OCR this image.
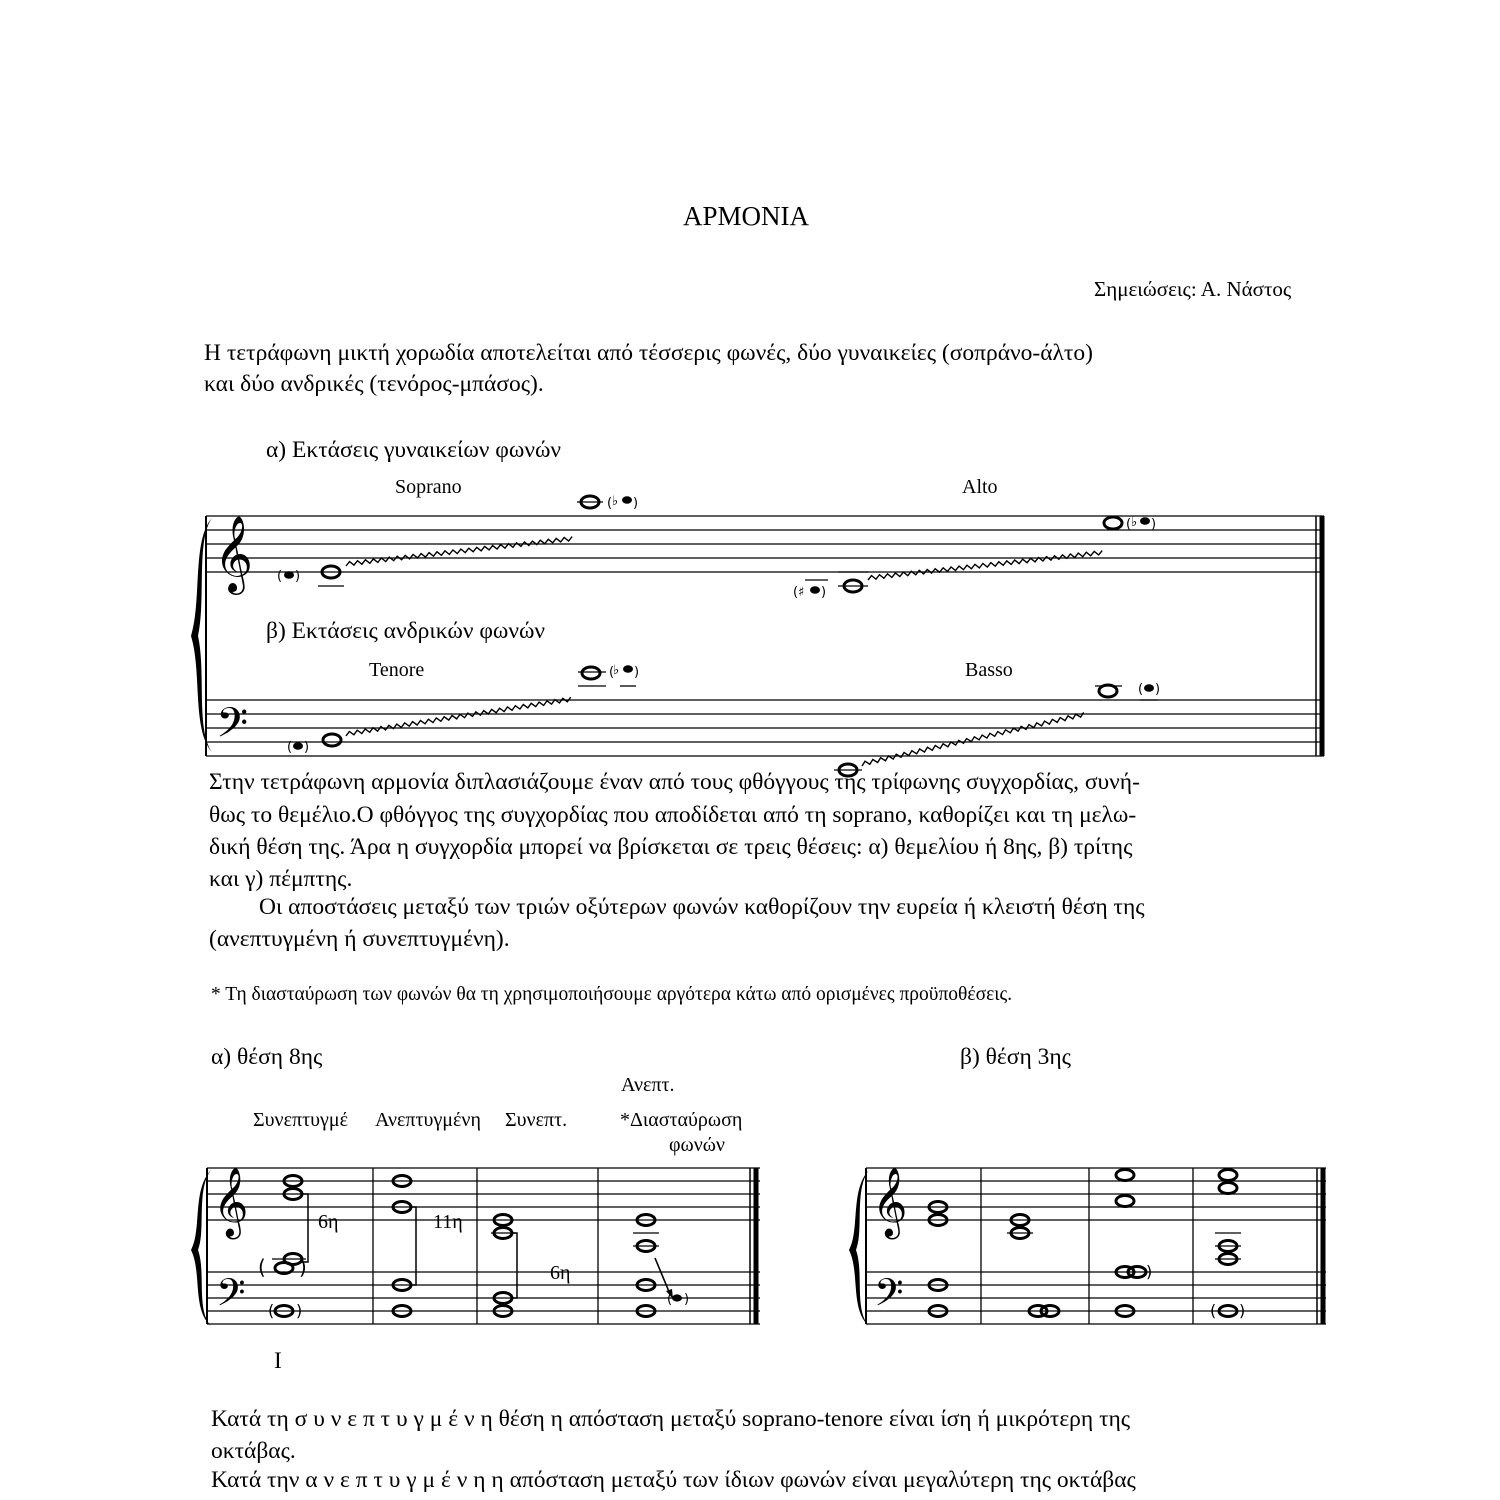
ΑΡΜΟΝΙΑ
Σημειώσεις: Α. Νάστος
Η τετράφωνη μικτή χορωδία αποτελείται από τέσσερις φωνές, δύο γυναικείες (σοπράνο-άλτο)
και δύο ανδρικές (τενόρος-μπάσος).
α) Εκτάσεις γυναικείων φωνών
Soprano	Alto
β) Εκτάσεις ανδρικών φωνών
Tenore	Basso
𝄞
𝄢
( )
( ♭ )
( ♯ )
( ♭ )
( )
(
♭ )
( )
Στην τετράφωνη αρμονία διπλασιάζουμε έναν από τους φθόγγους της τρίφωνης συγχορδίας, συνή-
θως το θεμέλιο.Ο φθόγγος της συγχορδίας που αποδίδεται από τη soprano, καθορίζει και τη μελω-
δική θέση της. Άρα η συγχορδία μπορεί να βρίσκεται σε τρεις θέσεις: α) θεμελίου ή 8ης, β) τρίτης
και γ) πέμπτης.
Οι αποστάσεις μεταξύ των τριών οξύτερων φωνών καθορίζουν την ευρεία ή κλειστή θέση της
(ανεπτυγμένη ή συνεπτυγμένη).
* Τη διασταύρωση των φωνών θα τη χρησιμοποιήσουμε αργότερα κάτω από ορισμένες προϋποθέσεις.
α) θέση 8ης	β) θέση 3ης
Ανεπτ.
Συνεπτυγμέ Ανεπτυγμένη Συνεπτ.	*Διασταύρωση
φωνών
𝄞
𝄢
( )
( )
( )
6η	11η
6η
I
𝄞
𝄢	)
( )
Κατά τη σ υ ν ε π τ υ γ μ έ ν η θέση η απόσταση μεταξύ soprano-tenore είναι ίση ή μικρότερη της
οκτάβας.
Κατά την α ν ε π τ υ γ μ έ ν η η απόσταση μεταξύ των ίδιων φωνών είναι μεγαλύτερη της οκτάβας
